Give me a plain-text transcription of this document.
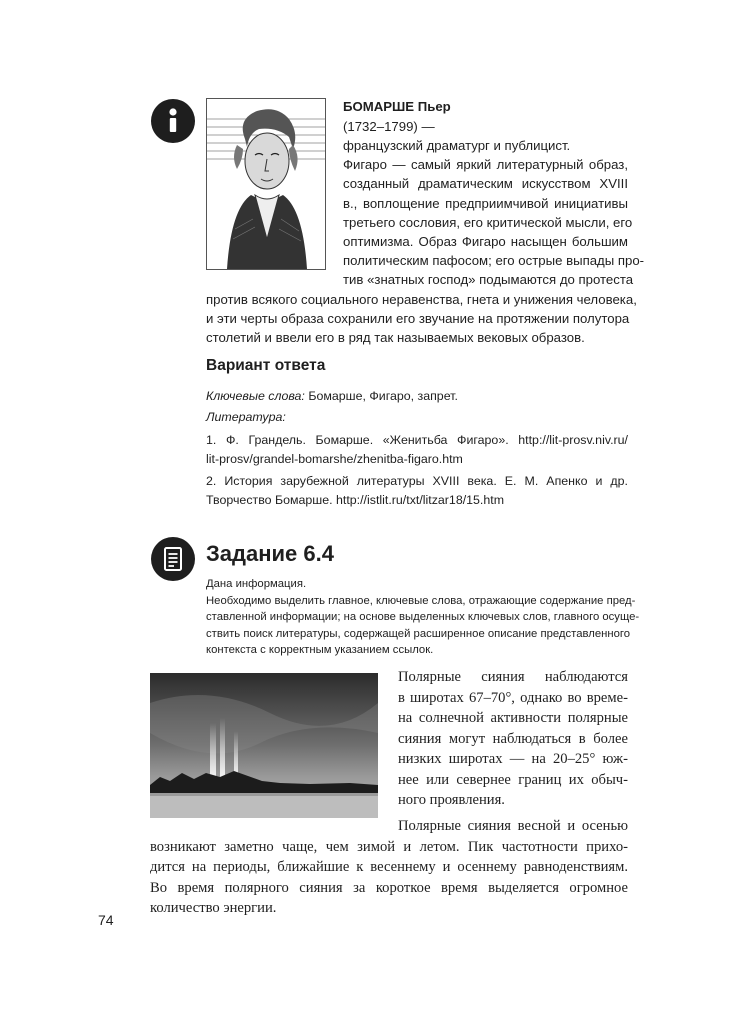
БОМАРШЕ Пьер
(1732–1799) —
французский драматург и публицист.
Фигаро — самый яркий литературный образ,
созданный драматическим искусством XVIII
в., воплощение предприимчивой инициативы
третьего сословия, его критической мысли, его
оптимизма. Образ Фигаро насыщен большим
политическим пафосом; его острые выпады про-
тив «знатных господ» подымаются до протеста
против всякого социального неравенства, гнета и унижения человека,
и эти черты образа сохранили его звучание на протяжении полутора
столетий и ввели его в ряд так называемых вековых образов.
Вариант ответа
Ключевые слова: Бомарше, Фигаро, запрет.
Литература:
1. Ф. Грандель. Бомарше. «Женитьба Фигаро». http://lit-prosv.niv.ru/
lit-prosv/grandel-bomarshe/zhenitba-figaro.htm
2. История зарубежной литературы XVIII века. Е. М. Апенко и др.
Творчество Бомарше. http://istlit.ru/txt/litzar18/15.htm
Задание 6.4
Дана информация.
Необходимо выделить главное, ключевые слова, отражающие содержание пред-
ставленной информации; на основе выделенных ключевых слов, главного осуще-
ствить поиск литературы, содержащей расширенное описание представленного
контекста с корректным указанием ссылок.
Полярные сияния наблюдаются
в широтах 67–70°, однако во време-
на солнечной активности полярные
сияния могут наблюдаться в более
низких широтах — на 20–25° юж-
нее или севернее границ их обыч-
ного проявления.
Полярные сияния весной и осенью
возникают заметно чаще, чем зимой и летом. Пик частотности прихо-
дится на периоды, ближайшие к весеннему и осеннему равноденствиям.
Во время полярного сияния за короткое время выделяется огромное
количество энергии.
74
